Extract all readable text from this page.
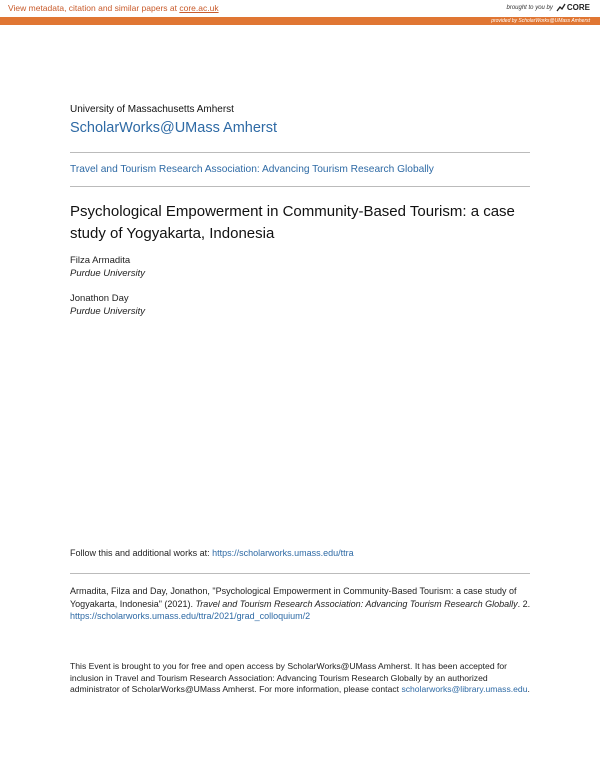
View metadata, citation and similar papers at core.ac.uk	brought to you by CORE
provided by ScholarWorks@UMass Amherst
University of Massachusetts Amherst
ScholarWorks@UMass Amherst
Travel and Tourism Research Association: Advancing Tourism Research Globally
Psychological Empowerment in Community-Based Tourism: a case study of Yogyakarta, Indonesia
Filza Armadita
Purdue University
Jonathon Day
Purdue University
Follow this and additional works at: https://scholarworks.umass.edu/ttra
Armadita, Filza and Day, Jonathon, "Psychological Empowerment in Community-Based Tourism: a case study of Yogyakarta, Indonesia" (2021). Travel and Tourism Research Association: Advancing Tourism Research Globally. 2.
https://scholarworks.umass.edu/ttra/2021/grad_colloquium/2
This Event is brought to you for free and open access by ScholarWorks@UMass Amherst. It has been accepted for inclusion in Travel and Tourism Research Association: Advancing Tourism Research Globally by an authorized administrator of ScholarWorks@UMass Amherst. For more information, please contact scholarworks@library.umass.edu.
